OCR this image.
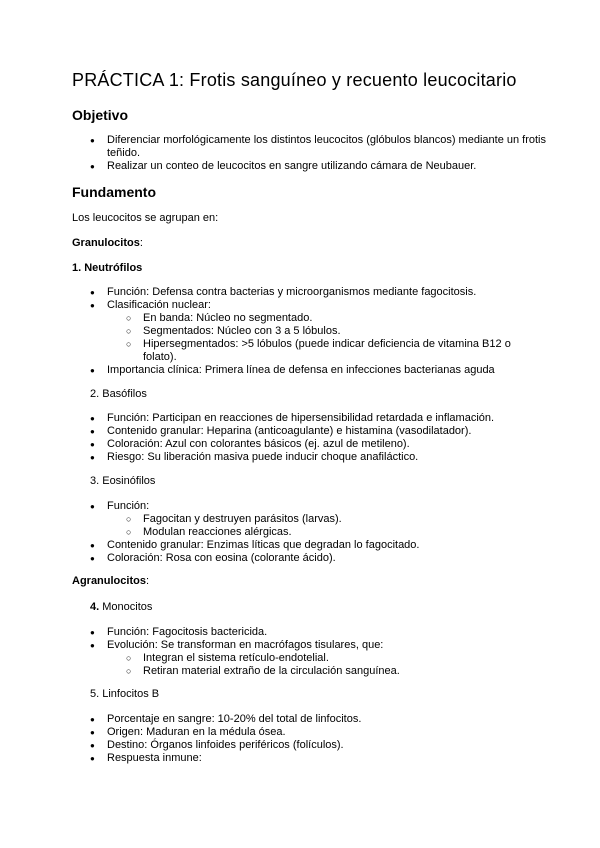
PRÁCTICA 1: Frotis sanguíneo y recuento leucocitario
Objetivo
● Diferenciar morfológicamente los distintos leucocitos (glóbulos blancos) mediante un frotis teñido.
● Realizar un conteo de leucocitos en sangre utilizando cámara de Neubauer.
Fundamento

Los leucocitos se agrupan en:

Granulocitos:

1. Neutrófilos

● Función: Defensa contra bacterias y microorganismos mediante fagocitosis.
● Clasificación nuclear:
○ En banda: Núcleo no segmentado.
○ Segmentados: Núcleo con 3 a 5 lóbulos.
○ Hipersegmentados: >5 lóbulos (puede indicar deficiencia de vitamina B12 o folato).
● Importancia clínica: Primera línea de defensa en infecciones bacterianas aguda

2. Basófilos

● Función: Participan en reacciones de hipersensibilidad retardada e inflamación.
● Contenido granular: Heparina (anticoagulante) e histamina (vasodilatador).
● Coloración: Azul con colorantes básicos (ej. azul de metileno).
● Riesgo: Su liberación masiva puede inducir choque anafiláctico.

3. Eosinófilos

● Función:
○ Fagocitan y destruyen parásitos (larvas).
○ Modulan reacciones alérgicas.
● Contenido granular: Enzimas líticas que degradan lo fagocitado.
● Coloración: Rosa con eosina (colorante ácido).

Agranulocitos:

4. Monocitos

● Función: Fagocitosis bactericida.
● Evolución: Se transforman en macrófagos tisulares, que:
○ Integran el sistema retículo-endotelial.
○ Retiran material extraño de la circulación sanguínea.

5. Linfocitos B

● Porcentaje en sangre: 10-20% del total de linfocitos.
● Origen: Maduran en la médula ósea.
● Destino: Órganos linfoides periféricos (folículos).
● Respuesta inmune:
